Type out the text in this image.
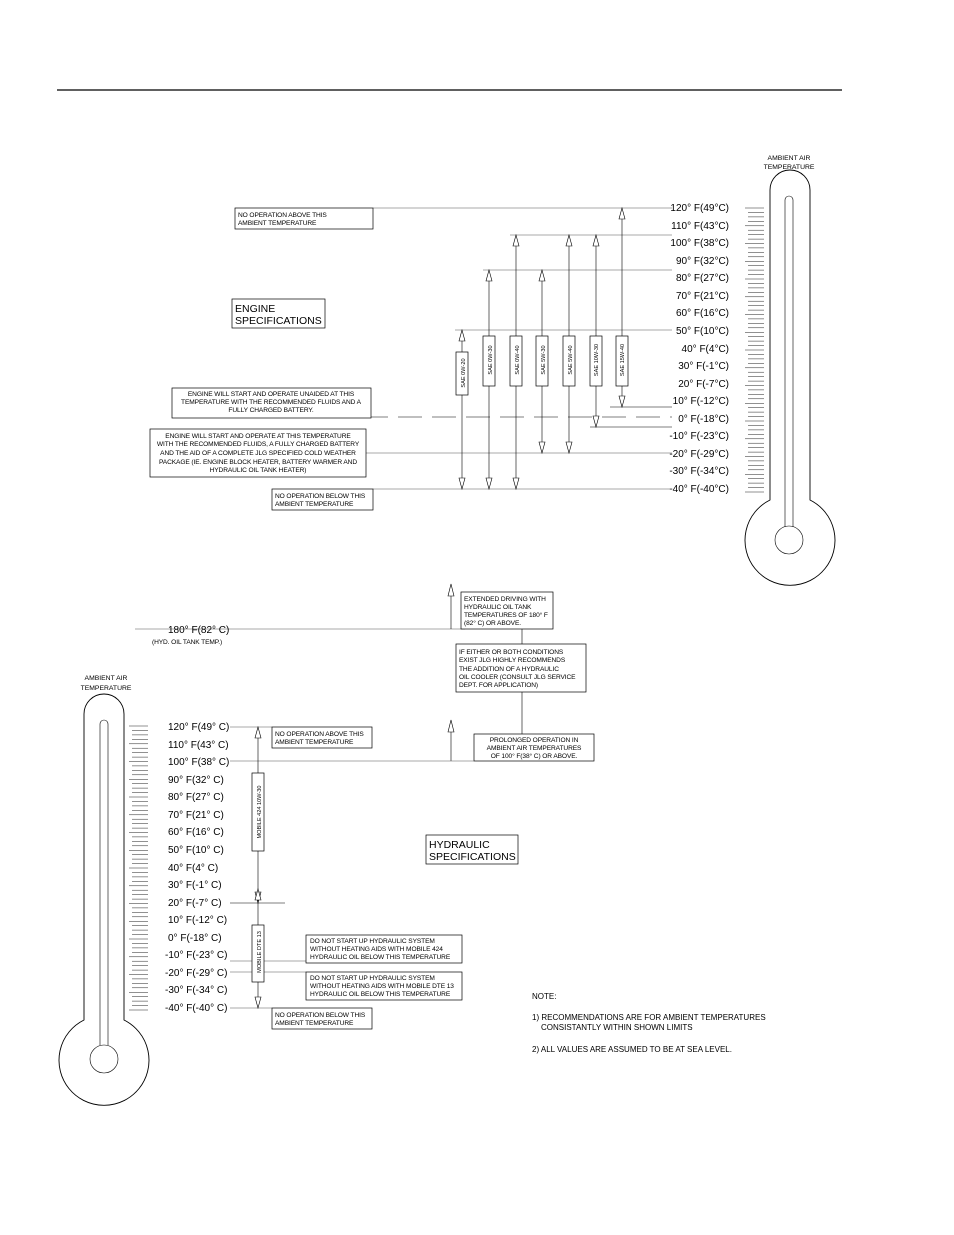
AMBIENT AIR
TEMPERATURE
120° F(49°C)
110° F(43°C)
100° F(38°C)
90° F(32°C)
80° F(27°C)
70° F(21°C)
60° F(16°C)
50° F(10°C)
40° F(4°C)
30° F(-1°C)
20° F(-7°C)
10° F(-12°C)
0° F(-18°C)
-10° F(-23°C)
-20° F(-29°C)
-30° F(-34°C)
-40° F(-40°C)
SAE 0W-20	SAE 0W-30	SAE 0W-40	SAE 5W-30	SAE 5W-40	SAE 10W-30	SAE 15W-40
NO OPERATION ABOVE THIS
AMBIENT TEMPERATURE
ENGINE
SPECIFICATIONS
ENGINE WILL START AND OPERATE UNAIDED AT THIS
TEMPERATURE WITH THE RECOMMENDED FLUIDS AND A
FULLY CHARGED BATTERY.
ENGINE WILL START AND OPERATE AT THIS TEMPERATURE
WITH THE RECOMMENDED FLUIDS, A FULLY CHARGED BATTERY
AND THE AID OF A COMPLETE JLG SPECIFIED COLD WEATHER
PACKAGE (IE. ENGINE BLOCK HEATER, BATTERY WARMER AND
HYDRAULIC OIL TANK HEATER)
NO OPERATION BELOW THIS
AMBIENT TEMPERATURE
180° F(82° C)
(HYD. OIL TANK TEMP.)
EXTENDED DRIVING WITH
HYDRAULIC OIL TANK
TEMPERATURES OF 180° F
(82° C) OR ABOVE.
IF EITHER OR BOTH CONDITIONS
EXIST JLG HIGHLY RECOMMENDS
THE ADDITION OF A HYDRAULIC
OIL COOLER (CONSULT JLG SERVICE
DEPT. FOR APPLICATION)
PROLONGED OPERATION IN
AMBIENT AIR TEMPERATURES
OF 100° F(38° C) OR ABOVE.
AMBIENT AIR
TEMPERATURE
120° F(49° C)
110° F(43° C)
100° F(38° C)
90° F(32° C)
80° F(27° C)
70° F(21° C)
60° F(16° C)
50° F(10° C)
40° F(4° C)
30° F(-1° C)
20° F(-7° C)
10° F(-12° C)
0° F(-18° C)
-10° F(-23° C)
-20° F(-29° C)
-30° F(-34° C)
-40° F(-40° C)
MOBILE 424 10W-30
MOBILE DTE 13
NO OPERATION ABOVE THIS
AMBIENT TEMPERATURE
HYDRAULIC
SPECIFICATIONS
DO NOT START UP HYDRAULIC SYSTEM
WITHOUT HEATING AIDS WITH MOBILE 424
HYDRAULIC OIL BELOW THIS TEMPERATURE
DO NOT START UP HYDRAULIC SYSTEM
WITHOUT HEATING AIDS WITH MOBILE DTE 13
HYDRAULIC OIL BELOW THIS TEMPERATURE
NO OPERATION BELOW THIS
AMBIENT TEMPERATURE
NOTE:
1) RECOMMENDATIONS ARE FOR AMBIENT TEMPERATURES
CONSISTANTLY WITHIN SHOWN LIMITS
2) ALL VALUES ARE ASSUMED TO BE AT SEA LEVEL.
